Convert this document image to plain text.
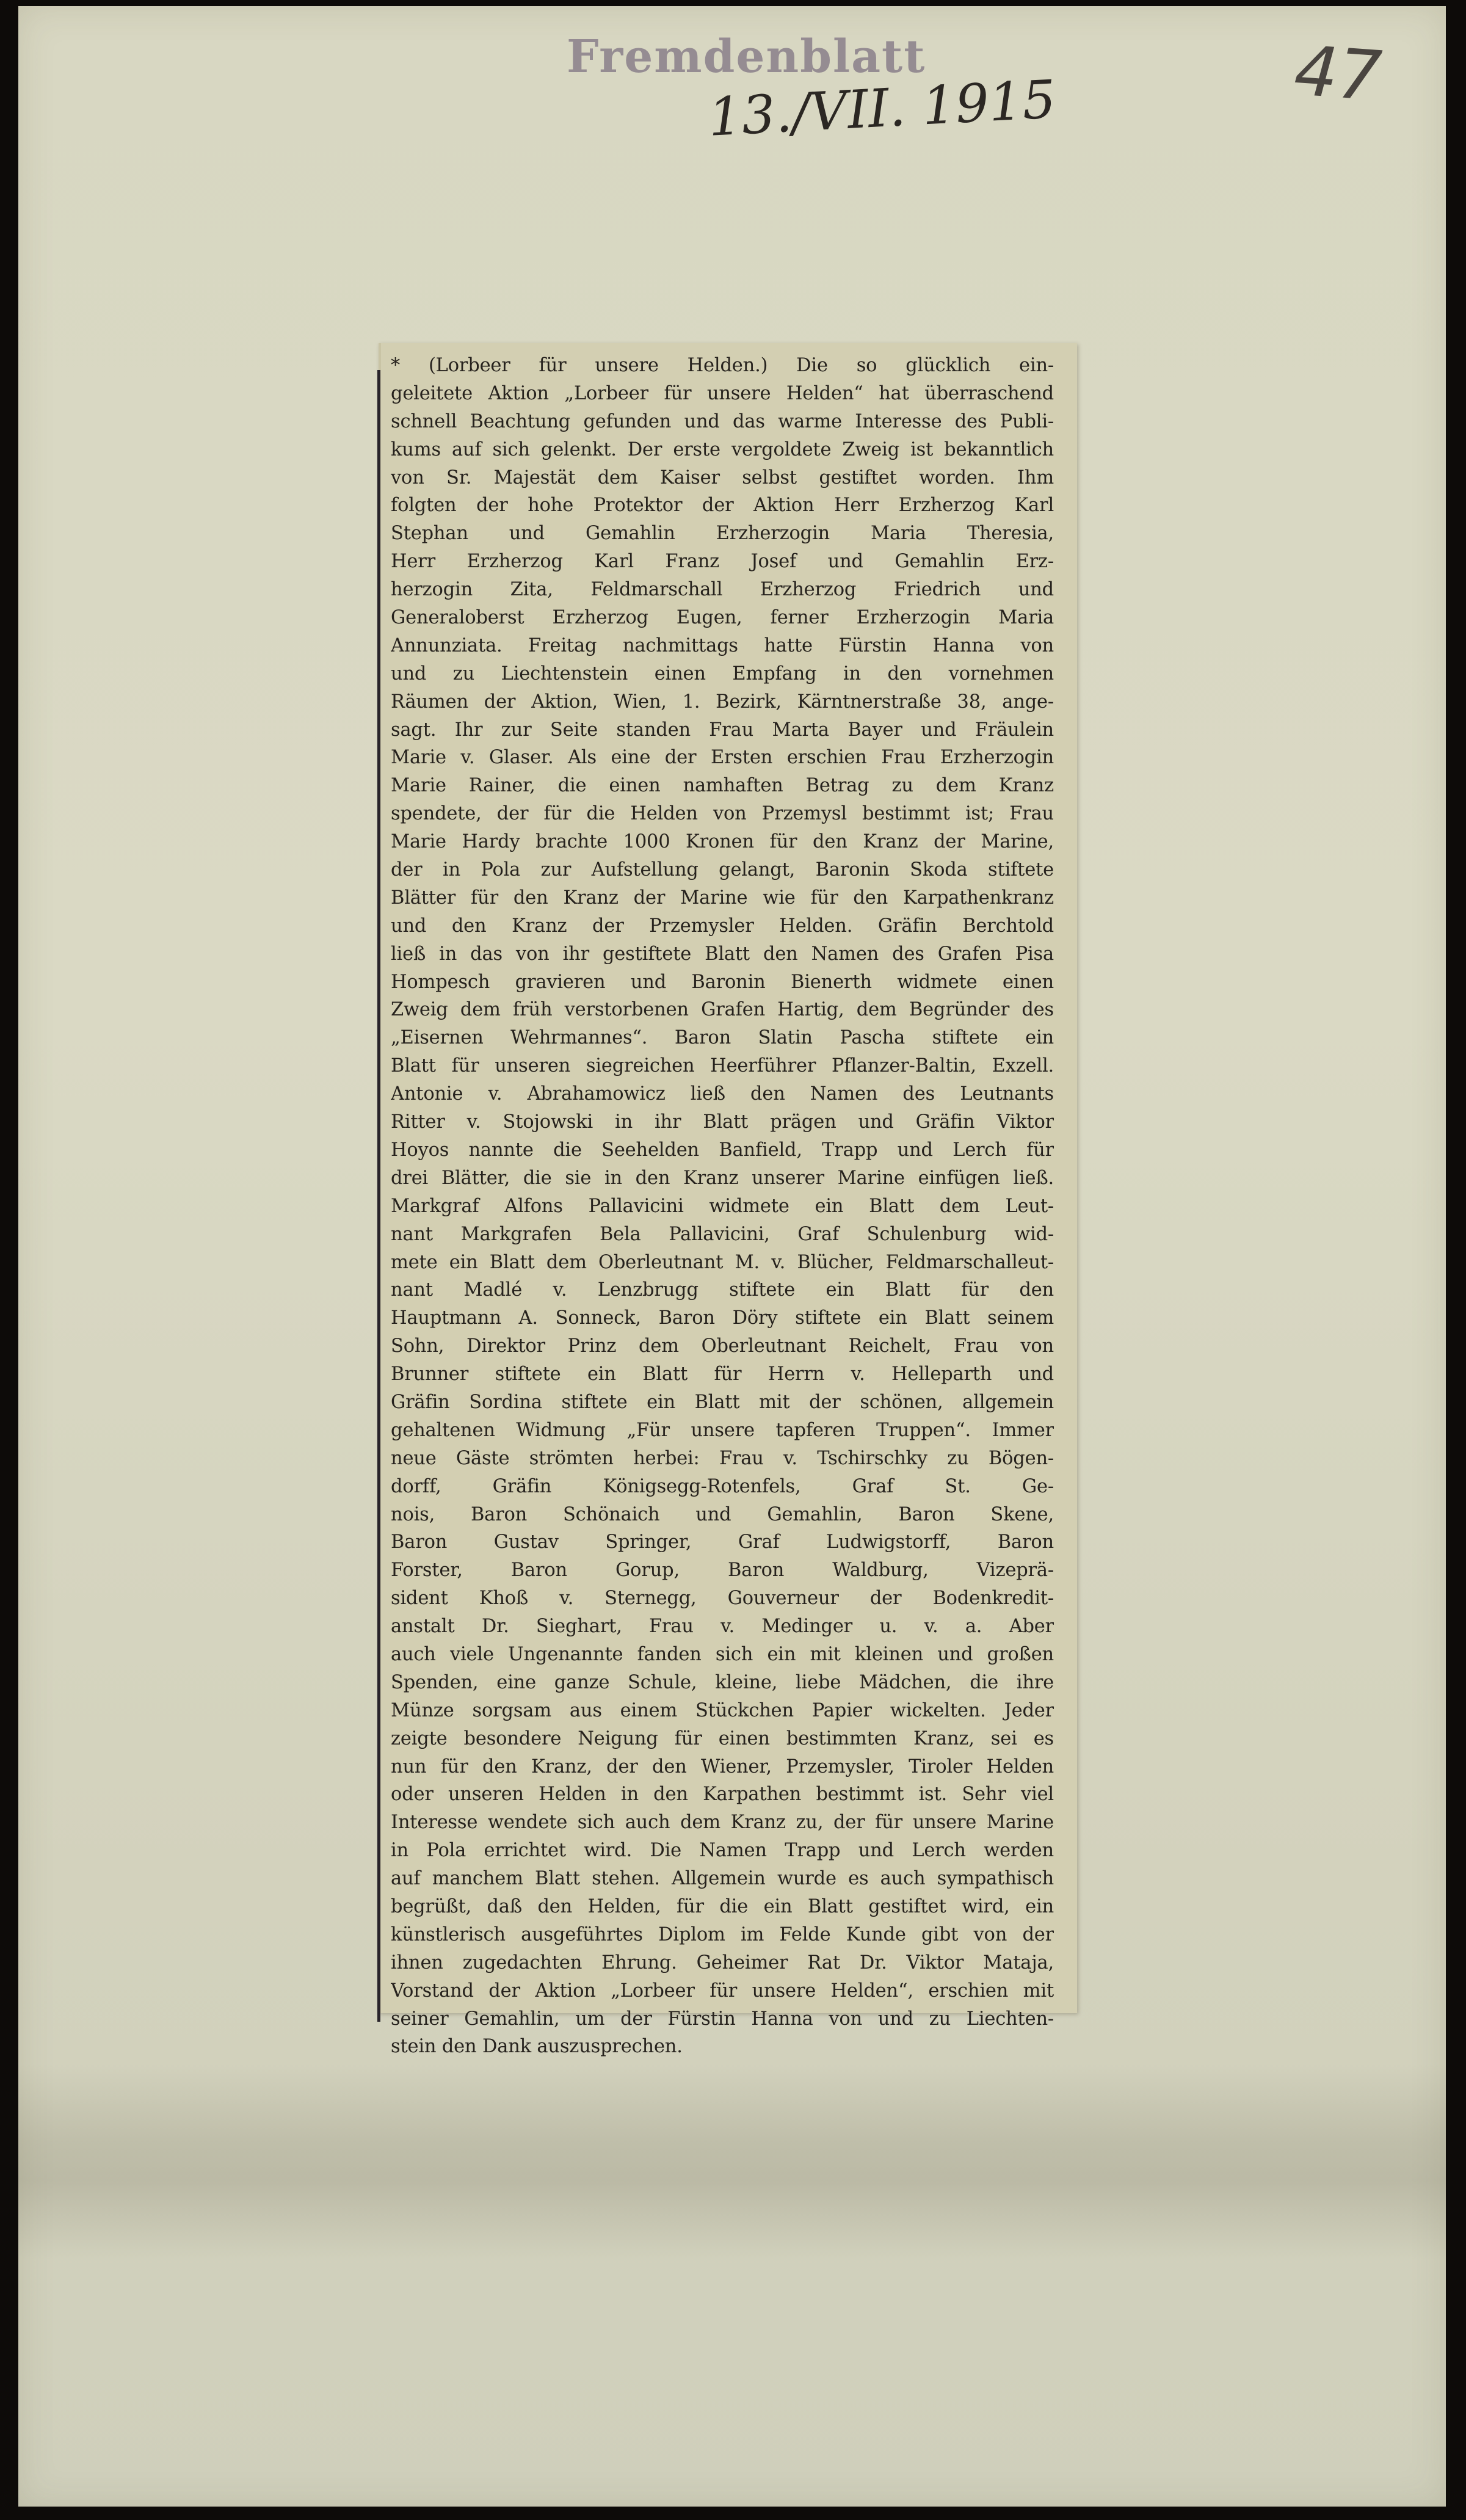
Fremdenblatt
13./VII. 1915	47
* (Lorbeer für unsere Helden.) Die so glücklich ein-
geleitete Aktion „Lorbeer für unsere Helden“ hat überraschend
schnell Beachtung gefunden und das warme Interesse des Publi-
kums auf sich gelenkt. Der erste vergoldete Zweig ist bekanntlich
von Sr. Majestät dem Kaiser selbst gestiftet worden. Ihm
folgten der hohe Protektor der Aktion Herr Erzherzog Karl
Stephan und Gemahlin Erzherzogin Maria Theresia,
Herr Erzherzog Karl Franz Josef und Gemahlin Erz-
herzogin Zita, Feldmarschall Erzherzog Friedrich und
Generaloberst Erzherzog Eugen, ferner Erzherzogin Maria
Annunziata. Freitag nachmittags hatte Fürstin Hanna von
und zu Liechtenstein einen Empfang in den vornehmen
Räumen der Aktion, Wien, 1. Bezirk, Kärntnerstraße 38, ange-
sagt. Ihr zur Seite standen Frau Marta Bayer und Fräulein
Marie v. Glaser. Als eine der Ersten erschien Frau Erzherzogin
Marie Rainer, die einen namhaften Betrag zu dem Kranz
spendete, der für die Helden von Przemysl bestimmt ist; Frau
Marie Hardy brachte 1000 Kronen für den Kranz der Marine,
der in Pola zur Aufstellung gelangt, Baronin Skoda stiftete
Blätter für den Kranz der Marine wie für den Karpathenkranz
und den Kranz der Przemysler Helden. Gräfin Berchtold
ließ in das von ihr gestiftete Blatt den Namen des Grafen Pisa
Hompesch gravieren und Baronin Bienerth widmete einen
Zweig dem früh verstorbenen Grafen Hartig, dem Begründer des
„Eisernen Wehrmannes“. Baron Slatin Pascha stiftete ein
Blatt für unseren siegreichen Heerführer Pflanzer-Baltin, Exzell.
Antonie v. Abrahamowicz ließ den Namen des Leutnants
Ritter v. Stojowski in ihr Blatt prägen und Gräfin Viktor
Hoyos nannte die Seehelden Banfield, Trapp und Lerch für
drei Blätter, die sie in den Kranz unserer Marine einfügen ließ.
Markgraf Alfons Pallavicini widmete ein Blatt dem Leut-
nant Markgrafen Bela Pallavicini, Graf Schulenburg wid-
mete ein Blatt dem Oberleutnant M. v. Blücher, Feldmarschalleut-
nant Madlé v. Lenzbrugg stiftete ein Blatt für den
Hauptmann A. Sonneck, Baron Döry stiftete ein Blatt seinem
Sohn, Direktor Prinz dem Oberleutnant Reichelt, Frau von
Brunner stiftete ein Blatt für Herrn v. Helleparth und
Gräfin Sordina stiftete ein Blatt mit der schönen, allgemein
gehaltenen Widmung „Für unsere tapferen Truppen“. Immer
neue Gäste strömten herbei: Frau v. Tschirschky zu Bögen-
dorff, Gräfin Königsegg-Rotenfels, Graf St. Ge-
nois, Baron Schönaich und Gemahlin, Baron Skene,
Baron Gustav Springer, Graf Ludwigstorff, Baron
Forster, Baron Gorup, Baron Waldburg, Vizeprä-
sident Khoß v. Sternegg, Gouverneur der Bodenkredit-
anstalt Dr. Sieghart, Frau v. Medinger u. v. a. Aber
auch viele Ungenannte fanden sich ein mit kleinen und großen
Spenden, eine ganze Schule, kleine, liebe Mädchen, die ihre
Münze sorgsam aus einem Stückchen Papier wickelten. Jeder
zeigte besondere Neigung für einen bestimmten Kranz, sei es
nun für den Kranz, der den Wiener, Przemysler, Tiroler Helden
oder unseren Helden in den Karpathen bestimmt ist. Sehr viel
Interesse wendete sich auch dem Kranz zu, der für unsere Marine
in Pola errichtet wird. Die Namen Trapp und Lerch werden
auf manchem Blatt stehen. Allgemein wurde es auch sympathisch
begrüßt, daß den Helden, für die ein Blatt gestiftet wird, ein
künstlerisch ausgeführtes Diplom im Felde Kunde gibt von der
ihnen zugedachten Ehrung. Geheimer Rat Dr. Viktor Mataja,
Vorstand der Aktion „Lorbeer für unsere Helden“, erschien mit
seiner Gemahlin, um der Fürstin Hanna von und zu Liechten-
stein den Dank auszusprechen.
